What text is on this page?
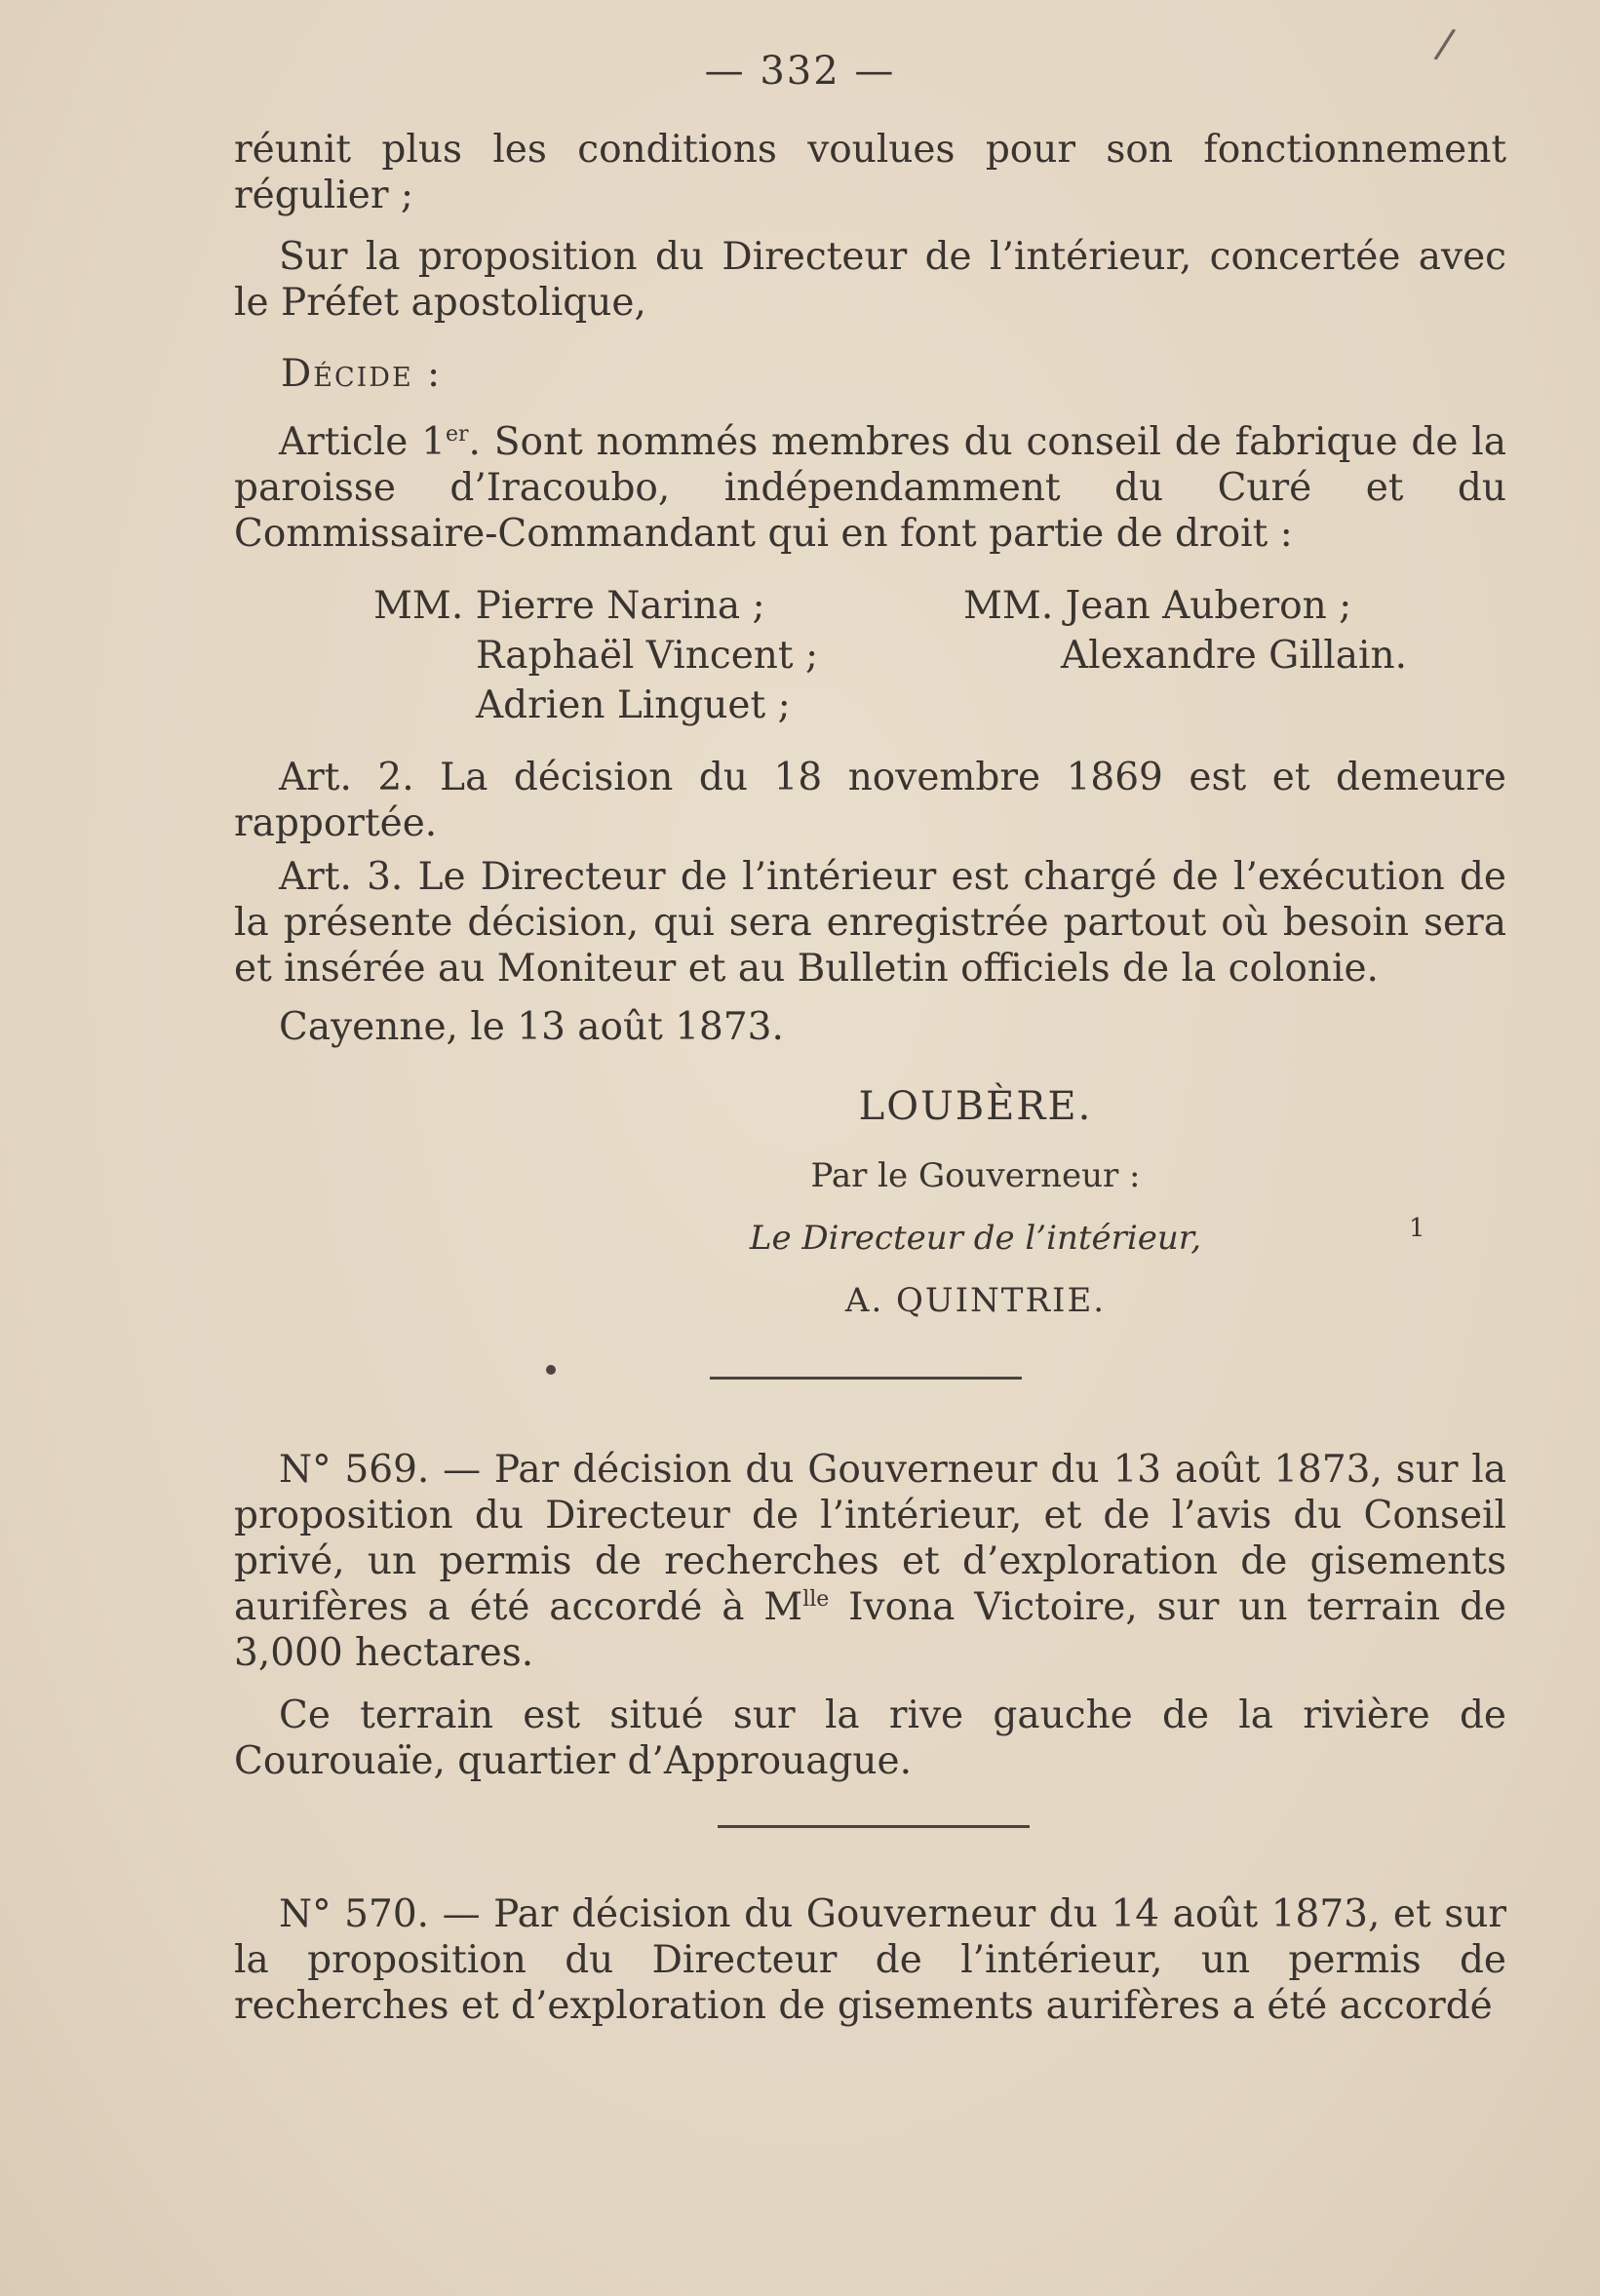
— 332 —
/
réunit plus les conditions voulues pour son fonctionnement régulier ;
Sur la proposition du Directeur de l’intérieur, concertée avec le Préfet apostolique,
Décide :
Article 1er. Sont nommés membres du conseil de fabrique de la paroisse d’Iracoubo, indépendamment du Curé et du Commissaire-Commandant qui en font partie de droit :
MM. Pierre Narina ;
Raphaël Vincent ;
Adrien Linguet ;
MM. Jean Auberon ;
Alexandre Gillain.
Art. 2. La décision du 18 novembre 1869 est et demeure rapportée.
Art. 3. Le Directeur de l’intérieur est chargé de l’exécution de la présente décision, qui sera enregistrée partout où besoin sera et insérée au Moniteur et au Bulletin officiels de la colonie.
Cayenne, le 13 août 1873.
LOUBÈRE.
Par le Gouverneur :
Le Directeur de l’intérieur,	1
A. QUINTRIE.
N° 569. — Par décision du Gouverneur du 13 août 1873, sur la proposition du Directeur de l’intérieur, et de l’avis du Conseil privé, un permis de recherches et d’exploration de gisements aurifères a été accordé à $M^{lle}$ Ivona Victoire, sur un terrain de 3,000 hectares.
Ce terrain est situé sur la rive gauche de la rivière de Courouaïe, quartier d’Approuague.
N° 570. — Par décision du Gouverneur du 14 août 1873, et sur la proposition du Directeur de l’intérieur, un permis de recherches et d’exploration de gisements aurifères a été accordé
